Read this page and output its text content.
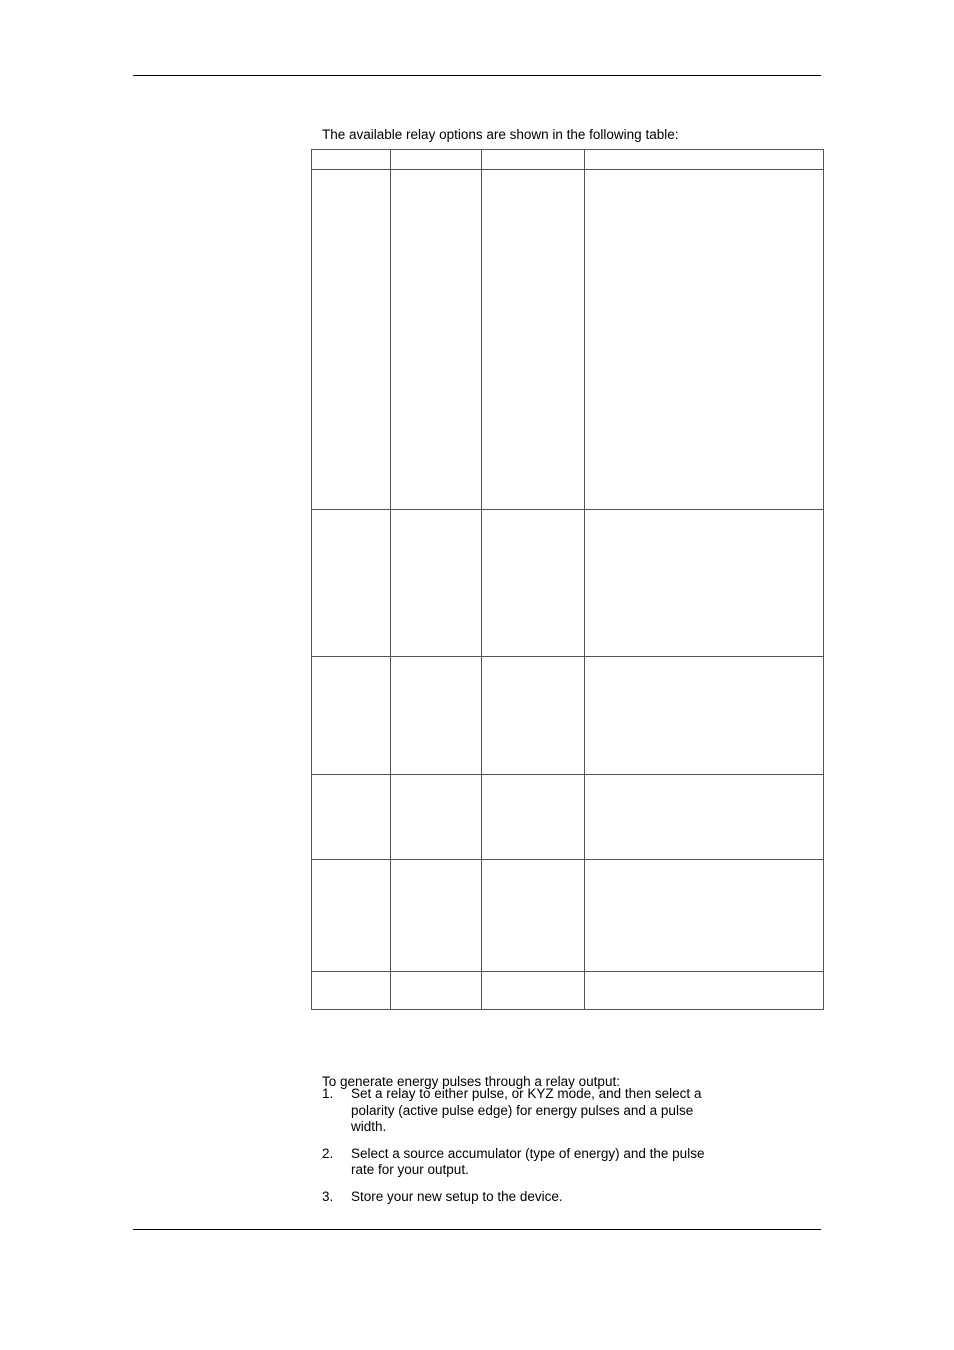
The available relay options are shown in the following table:

To generate energy pulses through a relay output:

1. Set a relay to either pulse, or KYZ mode, and then select a polarity (active pulse edge) for energy pulses and a pulse width.
2. Select a source accumulator (type of energy) and the pulse rate for your output.
3. Store your new setup to the device.
